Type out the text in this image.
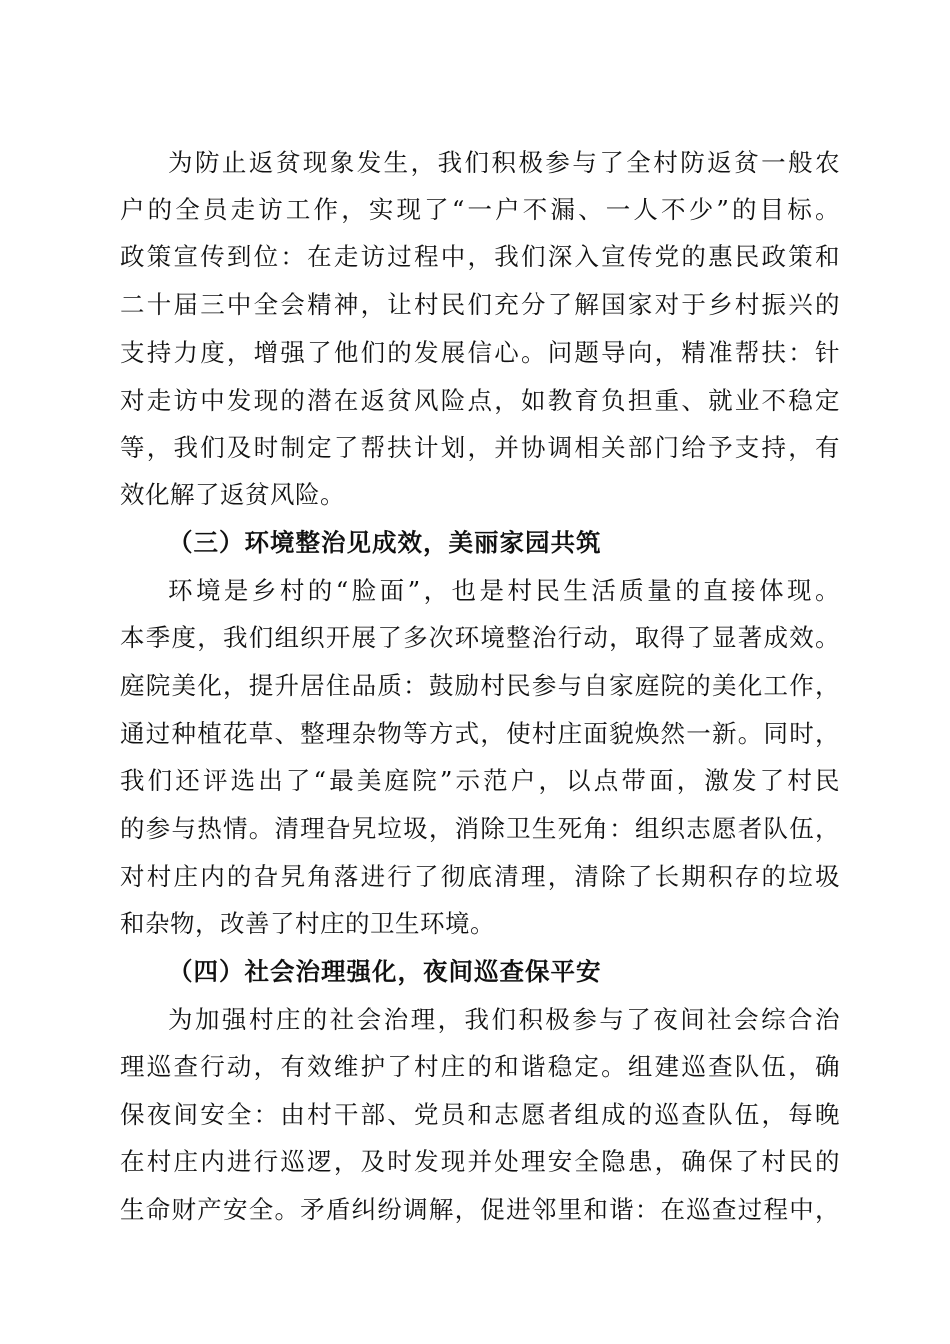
为防止返贫现象发生，我们积极参与了全村防返贫一般农
户的全员走访工作，实现了“一户不漏、一人不少”的目标。
政策宣传到位：在走访过程中，我们深入宣传党的惠民政策和
二十届三中全会精神，让村民们充分了解国家对于乡村振兴的
支持力度，增强了他们的发展信心。问题导向，精准帮扶：针
对走访中发现的潜在返贫风险点，如教育负担重、就业不稳定
等，我们及时制定了帮扶计划，并协调相关部门给予支持，有
效化解了返贫风险。
（三）环境整治见成效，美丽家园共筑
环境是乡村的“脸面”，也是村民生活质量的直接体现。
本季度，我们组织开展了多次环境整治行动，取得了显著成效。
庭院美化，提升居住品质：鼓励村民参与自家庭院的美化工作，
通过种植花草、整理杂物等方式，使村庄面貌焕然一新。同时，
我们还评选出了“最美庭院”示范户，以点带面，激发了村民
的参与热情。清理旮旯垃圾，消除卫生死角：组织志愿者队伍，
对村庄内的旮旯角落进行了彻底清理，清除了长期积存的垃圾
和杂物，改善了村庄的卫生环境。
（四）社会治理强化，夜间巡查保平安
为加强村庄的社会治理，我们积极参与了夜间社会综合治
理巡查行动，有效维护了村庄的和谐稳定。组建巡查队伍，确
保夜间安全：由村干部、党员和志愿者组成的巡查队伍，每晚
在村庄内进行巡逻，及时发现并处理安全隐患，确保了村民的
生命财产安全。矛盾纠纷调解，促进邻里和谐：在巡查过程中，
